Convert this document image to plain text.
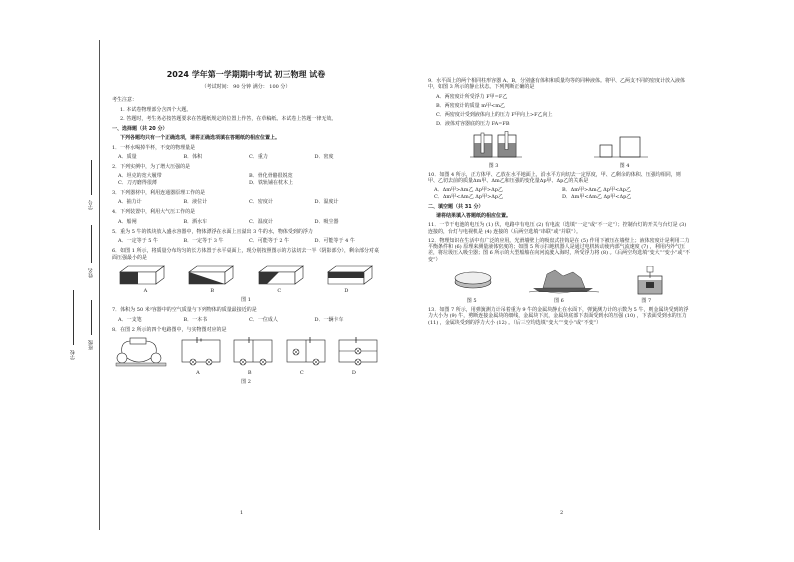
学号
姓名
班级
学校
2024 学年第一学期期中考试 初三物理 试卷
（考试时间： 90 分钟 满分： 100 分）
考生注意：
1. 本试卷物理部分含四个大题。
2. 答题时，考生务必按答题要求在答题纸规定的位置上作答，在草稿纸、本试卷上答题一律无效。
一、选择题（共 20 分）
下列各题均只有一个正确选项，请将正确选项填在答题纸的相应位置上。
1．一杯水喝掉半杯，不变的物理量是
A．质量	B．体积	C．重力	D．密度
2．下列实例中，为了增大压强的是
A．坦克的宽大履带	B．骨化骨骼很锐宽
C．刀刃磨得很薄	D．铁轨铺在枕木上
3．下列器材中，利用连通器原理工作的是
A．抽力计	B．液位计	C．密度计	D．温度计
4．下列装置中，利用大气压工作的是
A．船闸	B．洒水车	C．温度计	D．吸尘器
5．重为 5 牛的铁块放入盛水容器中，物体漂浮在水面上且溢出 3 牛的水，物体受到的浮力
A．一定等于 5 牛	B．一定等于 3 牛	C．可能等于 2 牛	D．可能等于 4 牛
6．如图 1 所示，将质量分布均匀的长方体置于水平桌面上，现分别按照图示的方法切去一半（阴影部分），剩余部分对桌面压强最小的是
A	B	C	D
图 1
7．体积为 50 米³容器中的空气质量与下列物体的质量最接近的是
A．一支笔	B．一本书	C．一位成人	D．一辆卡车
8．在图 2 所示的四个电路图中，与实物图对应的是
A	B	C	D
图 2
1
9．水平面上的两个相同柱形容器 A、B，分别盛有体积和质量均等的同种液体。将甲、乙两支不同的密度计放入液体中，如图 3 所示的静止状态。下列判断正确的是
A．两密度计所受浮力 F甲=F乙
B．两密度计的质量 m甲<m乙
C．两密度计受到液体向上的压力 F甲向上>F乙向上
D．液体对容器底的压力 FA=FB
图 3	图 4
10．如图 4 所示，正方体甲、乙放在水平地面上，沿水平方向切去一定厚度，甲、乙剩余的体积、压强均相同，则甲、乙切去前的质量Δm甲、Δm乙和压强的变化量Δp甲、Δp乙的关系是
A．Δm甲>Δm乙 Δp甲>Δp乙	B．Δm甲>Δm乙 Δp甲<Δp乙
C．Δm甲<Δm乙 Δp甲>Δp乙	D．Δm甲<Δm乙 Δp甲<Δp乙
二、填空题（共 31 分）
请将结果填入答题纸的相应位置。
11．一节干电池的电压为 (1) 伏，电路中有电压 (2) 有电流（选填“一定”或“不一定”）；控制台灯的开关与台灯是 (3) 连接的，台灯与电视机是 (4) 连接的（后两空选填“串联”或“并联”）。
12．物理知识在生活中有广泛的应用。光滑墙壁上的吸盘式挂钩是在 (5) 作用下被压在墙壁上；液体密度计是利用二力平衡条件和 (6) 原理来测量液体密度的；如图 5 所示扫地机器人是通过电机转动使内部气流速度 (7) ，利用内外气压差，将垃圾压入吸尘器；图 6 所示的大型船舶在向河流驶入海时，所受浮力将 (8) 。（后两空均选填“变大”“变小”或“不变”）
图 5	图 6	图 7
13．如图 7 所示，用弹簧测力计吊着重为 9 牛的金属块静止在水面下，弹簧测力计的示数为 5 牛，则金属块受到的浮力大小为 (9) 牛，剪断连接金属块的细线，金属块下沉，金属块底部下表面受到水的压强 (10) ，下表面受到水的压力 (11) ，金属块受到的浮力大小 (12) 。（后三空均选填“变大”“变小”或“不变”）
2
